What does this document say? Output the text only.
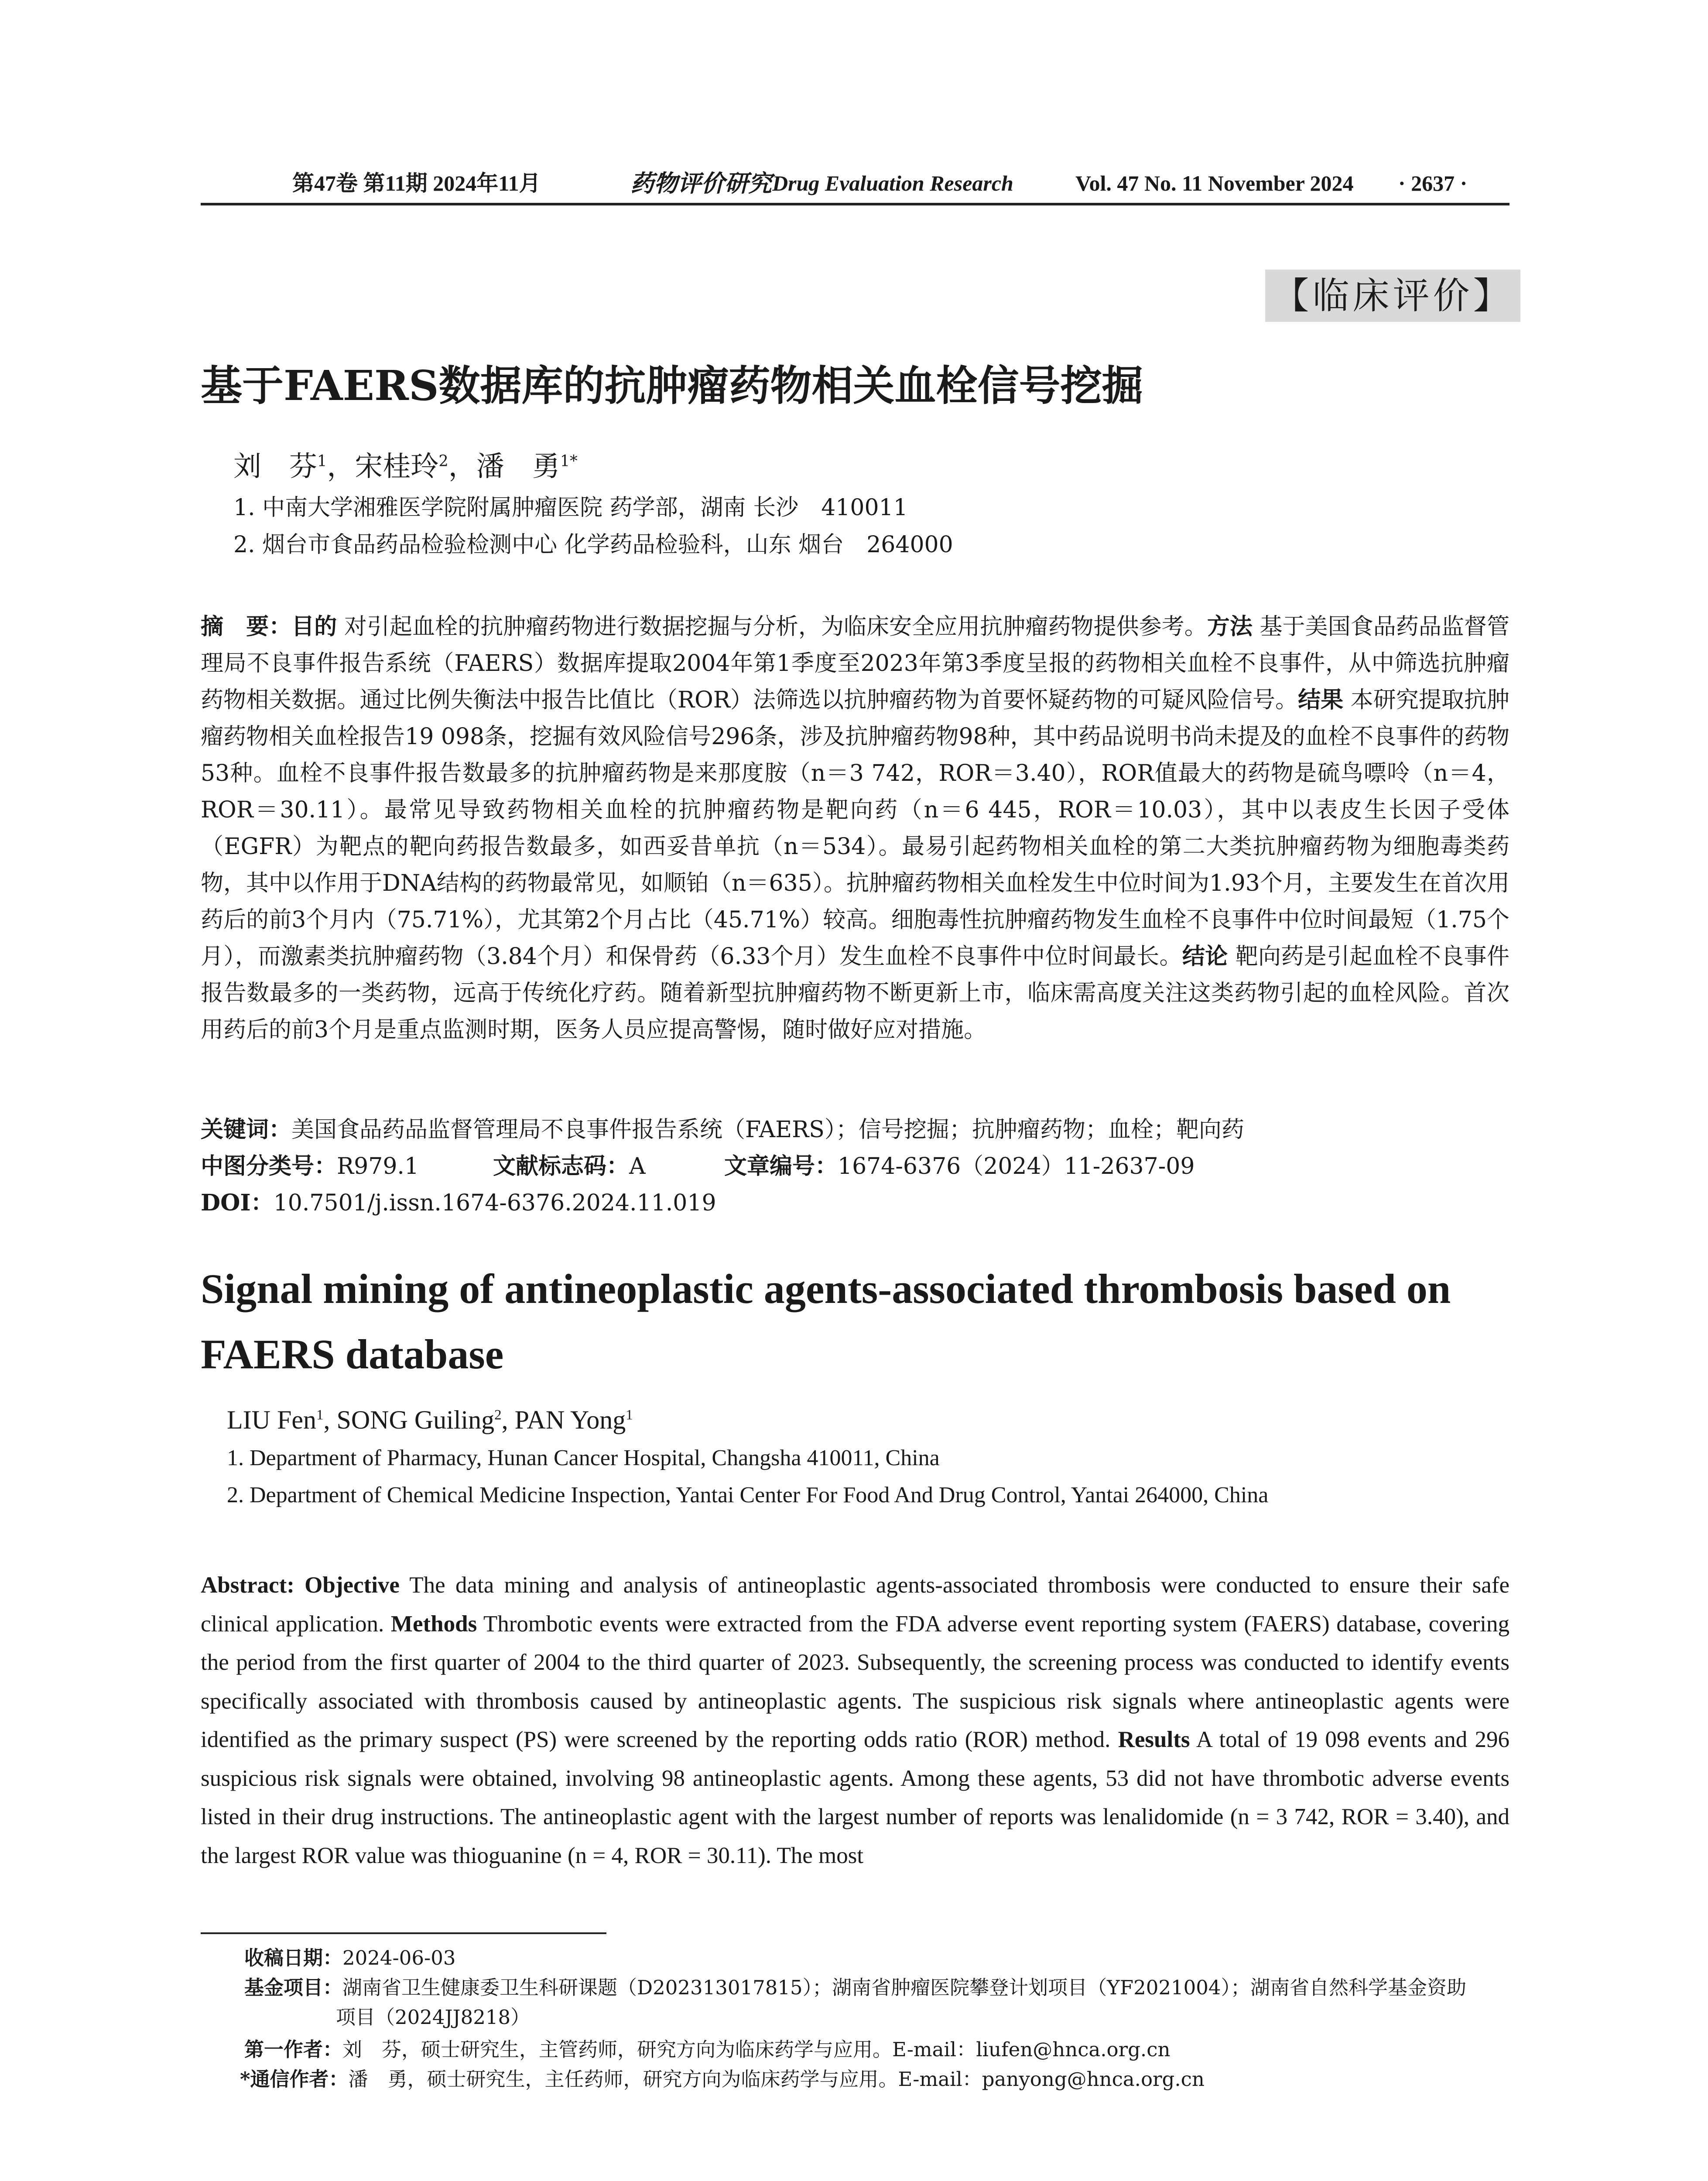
第47卷 第11期 2024年11月	药物评价研究 Drug Evaluation Research	Vol. 47 No. 11 November 2024 · 2637 ·
【临床评价】
基于FAERS数据库的抗肿瘤药物相关血栓信号挖掘
刘　芬$^1$，宋桂玲$^2$，潘　勇$^{1*}$
1. 中南大学湘雅医学院附属肿瘤医院 药学部，湖南 长沙　410011
2. 烟台市食品药品检验检测中心 化学药品检验科，山东 烟台　264000
摘　要：目的 对引起血栓的抗肿瘤药物进行数据挖掘与分析，为临床安全应用抗肿瘤药物提供参考。方法 基于美国食品药品监督管理局不良事件报告系统（FAERS）数据库提取2004年第1季度至2023年第3季度呈报的药物相关血栓不良事件，从中筛选抗肿瘤药物相关数据。通过比例失衡法中报告比值比（ROR）法筛选以抗肿瘤药物为首要怀疑药物的可疑风险信号。结果 本研究提取抗肿瘤药物相关血栓报告19 098条，挖掘有效风险信号296条，涉及抗肿瘤药物98种，其中药品说明书尚未提及的血栓不良事件的药物53种。血栓不良事件报告数最多的抗肿瘤药物是来那度胺（n＝3 742，ROR＝3.40），ROR值最大的药物是硫鸟嘌呤（n＝4，ROR＝30.11）。最常见导致药物相关血栓的抗肿瘤药物是靶向药（n＝6 445，ROR＝10.03），其中以表皮生长因子受体（EGFR）为靶点的靶向药报告数最多，如西妥昔单抗（n＝534）。最易引起药物相关血栓的第二大类抗肿瘤药物为细胞毒类药物，其中以作用于DNA结构的药物最常见，如顺铂（n＝635）。抗肿瘤药物相关血栓发生中位时间为1.93个月，主要发生在首次用药后的前3个月内（75.71%），尤其第2个月占比（45.71%）较高。细胞毒性抗肿瘤药物发生血栓不良事件中位时间最短（1.75个月），而激素类抗肿瘤药物（3.84个月）和保骨药（6.33个月）发生血栓不良事件中位时间最长。结论 靶向药是引起血栓不良事件报告数最多的一类药物，远高于传统化疗药。随着新型抗肿瘤药物不断更新上市，临床需高度关注这类药物引起的血栓风险。首次用药后的前3个月是重点监测时期，医务人员应提高警惕，随时做好应对措施。
关键词：美国食品药品监督管理局不良事件报告系统（FAERS）；信号挖掘；抗肿瘤药物；血栓；靶向药
中图分类号：R979.1	文献标志码：A	文章编号：1674-6376（2024）11-2637-09
DOI：10.7501/j.issn.1674-6376.2024.11.019
Signal mining of antineoplastic agents-associated thrombosis based on FAERS database
LIU Fen$^1$, SONG Guiling$^2$, PAN Yong$^1$
1. Department of Pharmacy, Hunan Cancer Hospital, Changsha 410011, China
2. Department of Chemical Medicine Inspection, Yantai Center For Food And Drug Control, Yantai 264000, China
Abstract: Objective The data mining and analysis of antineoplastic agents-associated thrombosis were conducted to ensure their safe clinical application. Methods Thrombotic events were extracted from the FDA adverse event reporting system (FAERS) database, covering the period from the first quarter of 2004 to the third quarter of 2023. Subsequently, the screening process was conducted to identify events specifically associated with thrombosis caused by antineoplastic agents. The suspicious risk signals where antineoplastic agents were identified as the primary suspect (PS) were screened by the reporting odds ratio (ROR) method. Results A total of 19 098 events and 296 suspicious risk signals were obtained, involving 98 antineoplastic agents. Among these agents, 53 did not have thrombotic adverse events listed in their drug instructions. The antineoplastic agent with the largest number of reports was lenalidomide (n = 3 742, ROR = 3.40), and the largest ROR value was thioguanine (n = 4, ROR = 30.11). The most
收稿日期：2024-06-03
基金项目：湖南省卫生健康委卫生科研课题（D202313017815）；湖南省肿瘤医院攀登计划项目（YF2021004）；湖南省自然科学基金资助
项目（2024JJ8218）
第一作者：刘　芬，硕士研究生，主管药师，研究方向为临床药学与应用。E-mail：liufen@hnca.org.cn
*通信作者：潘　勇，硕士研究生，主任药师，研究方向为临床药学与应用。E-mail：panyong@hnca.org.cn
